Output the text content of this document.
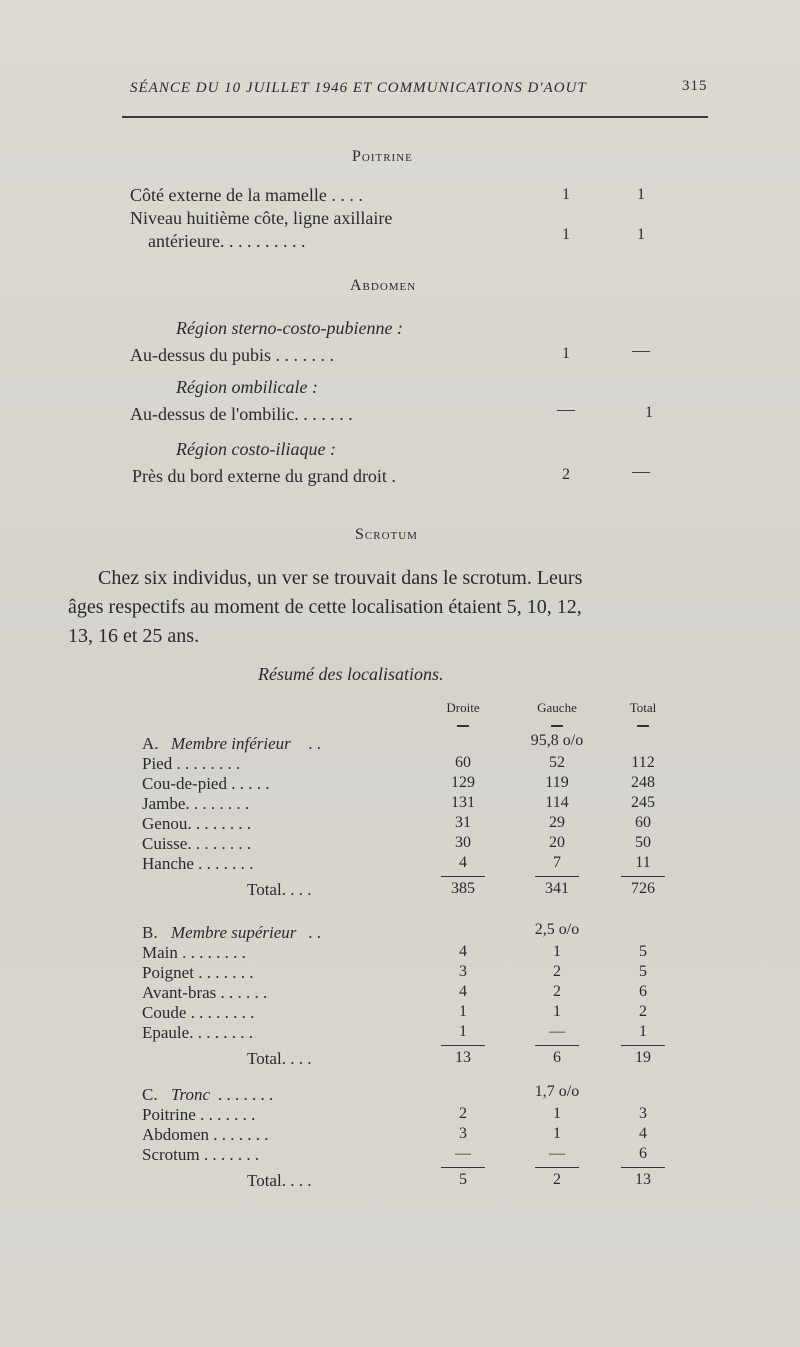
SÉANCE DU 10 JUILLET 1946 ET COMMUNICATIONS D'AOUT	315
Poitrine
Côté externe de la mamelle . . . .	1	1
Niveau huitième côte, ligne axillaire
antérieure. . . . . . . . . .	1	1
Abdomen
Région sterno-costo-pubienne :
Au-dessus du pubis . . . . . . .	1	—
Région ombilicale :
Au-dessus de l'ombilic. . . . . . .	—	1
Région costo-iliaque :
Près du bord externe du grand droit .	2	—
Scrotum
Chez six individus, un ver se trouvait dans le scrotum. Leurs
âges respectifs au moment de cette localisation étaient 5, 10, 12,
13, 16 et 25 ans.
Résumé des localisations.
Droite	Gauche	Total
A. Membre inférieur . .	95,8 o/o
Pied . . . . . . . .	60	52	112
Cou-de-pied . . . . .	129	119	248
Jambe. . . . . . . .	131	114	245
Genou. . . . . . . .	31	29	60
Cuisse. . . . . . . .	30	20	50
Hanche . . . . . . .	4	7	11
Total. . . .	385	341	726
B. Membre supérieur . .	2,5 o/o
Main . . . . . . . .	4	1	5
Poignet . . . . . . .	3	2	5
Avant-bras . . . . . .	4	2	6
Coude . . . . . . . .	1	1	2
Epaule. . . . . . . .	1	—	1
Total. . . .	13	6	19
C. Tronc . . . . . . .	1,7 o/o
Poitrine . . . . . . .	2	1	3
Abdomen . . . . . . .	3	1	4
Scrotum . . . . . . .	—	—	6
Total. . . .	5	2	13
